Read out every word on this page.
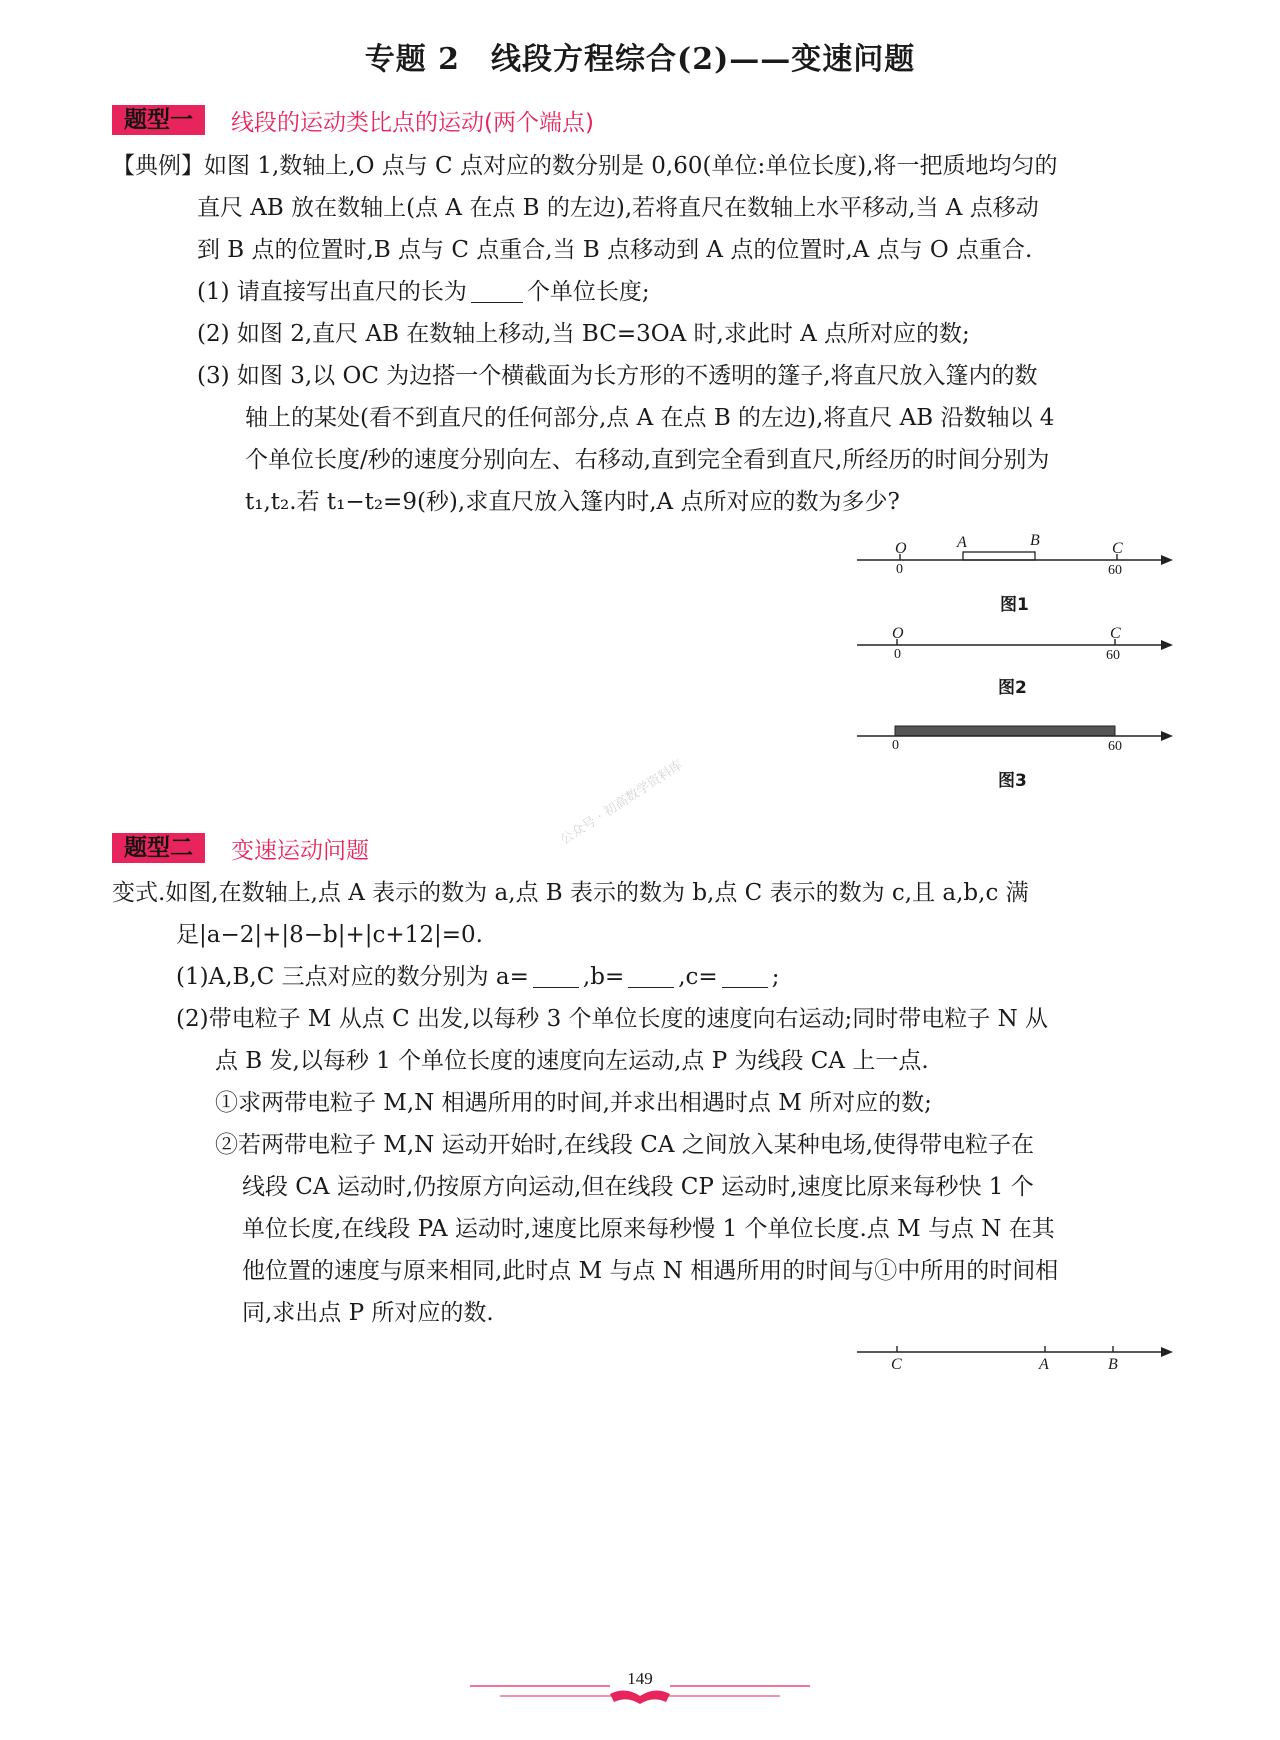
专题 2　线段方程综合(2)——变速问题
题型一	线段的运动类比点的运动(两个端点)
【典例】如图 1,数轴上,O 点与 C 点对应的数分别是 0,60(单位:单位长度),将一把质地均匀的
直尺 AB 放在数轴上(点 A 在点 B 的左边),若将直尺在数轴上水平移动,当 A 点移动
到 B 点的位置时,B 点与 C 点重合,当 B 点移动到 A 点的位置时,A 点与 O 点重合.
(1) 请直接写出直尺的长为	个单位长度;
(2) 如图 2,直尺 AB 在数轴上移动,当 BC=3OA 时,求此时 A 点所对应的数;
(3) 如图 3,以 OC 为边搭一个横截面为长方形的不透明的篷子,将直尺放入篷内的数
轴上的某处(看不到直尺的任何部分,点 A 在点 B 的左边),将直尺 AB 沿数轴以 4
个单位长度/秒的速度分别向左、右移动,直到完全看到直尺,所经历的时间分别为
t₁,t₂.若 t₁−t₂=9(秒),求直尺放入篷内时,A 点所对应的数为多少?
O
0
A	B	C
60
图1
O
0
C
60
图2
0	60
图3
公众号 · 初高数学资料库
题型二	变速运动问题
变式.如图,在数轴上,点 A 表示的数为 a,点 B 表示的数为 b,点 C 表示的数为 c,且 a,b,c 满
足|a−2|+|8−b|+|c+12|=0.
(1)A,B,C 三点对应的数分别为 a= ,b= ,c= ;
(2)带电粒子 M 从点 C 出发,以每秒 3 个单位长度的速度向右运动;同时带电粒子 N 从
点 B 发,以每秒 1 个单位长度的速度向左运动,点 P 为线段 CA 上一点.
①求两带电粒子 M,N 相遇所用的时间,并求出相遇时点 M 所对应的数;
②若两带电粒子 M,N 运动开始时,在线段 CA 之间放入某种电场,使得带电粒子在
线段 CA 运动时,仍按原方向运动,但在线段 CP 运动时,速度比原来每秒快 1 个
单位长度,在线段 PA 运动时,速度比原来每秒慢 1 个单位长度.点 M 与点 N 在其
他位置的速度与原来相同,此时点 M 与点 N 相遇所用的时间与①中所用的时间相
同,求出点 P 所对应的数.
C	A	B
149
